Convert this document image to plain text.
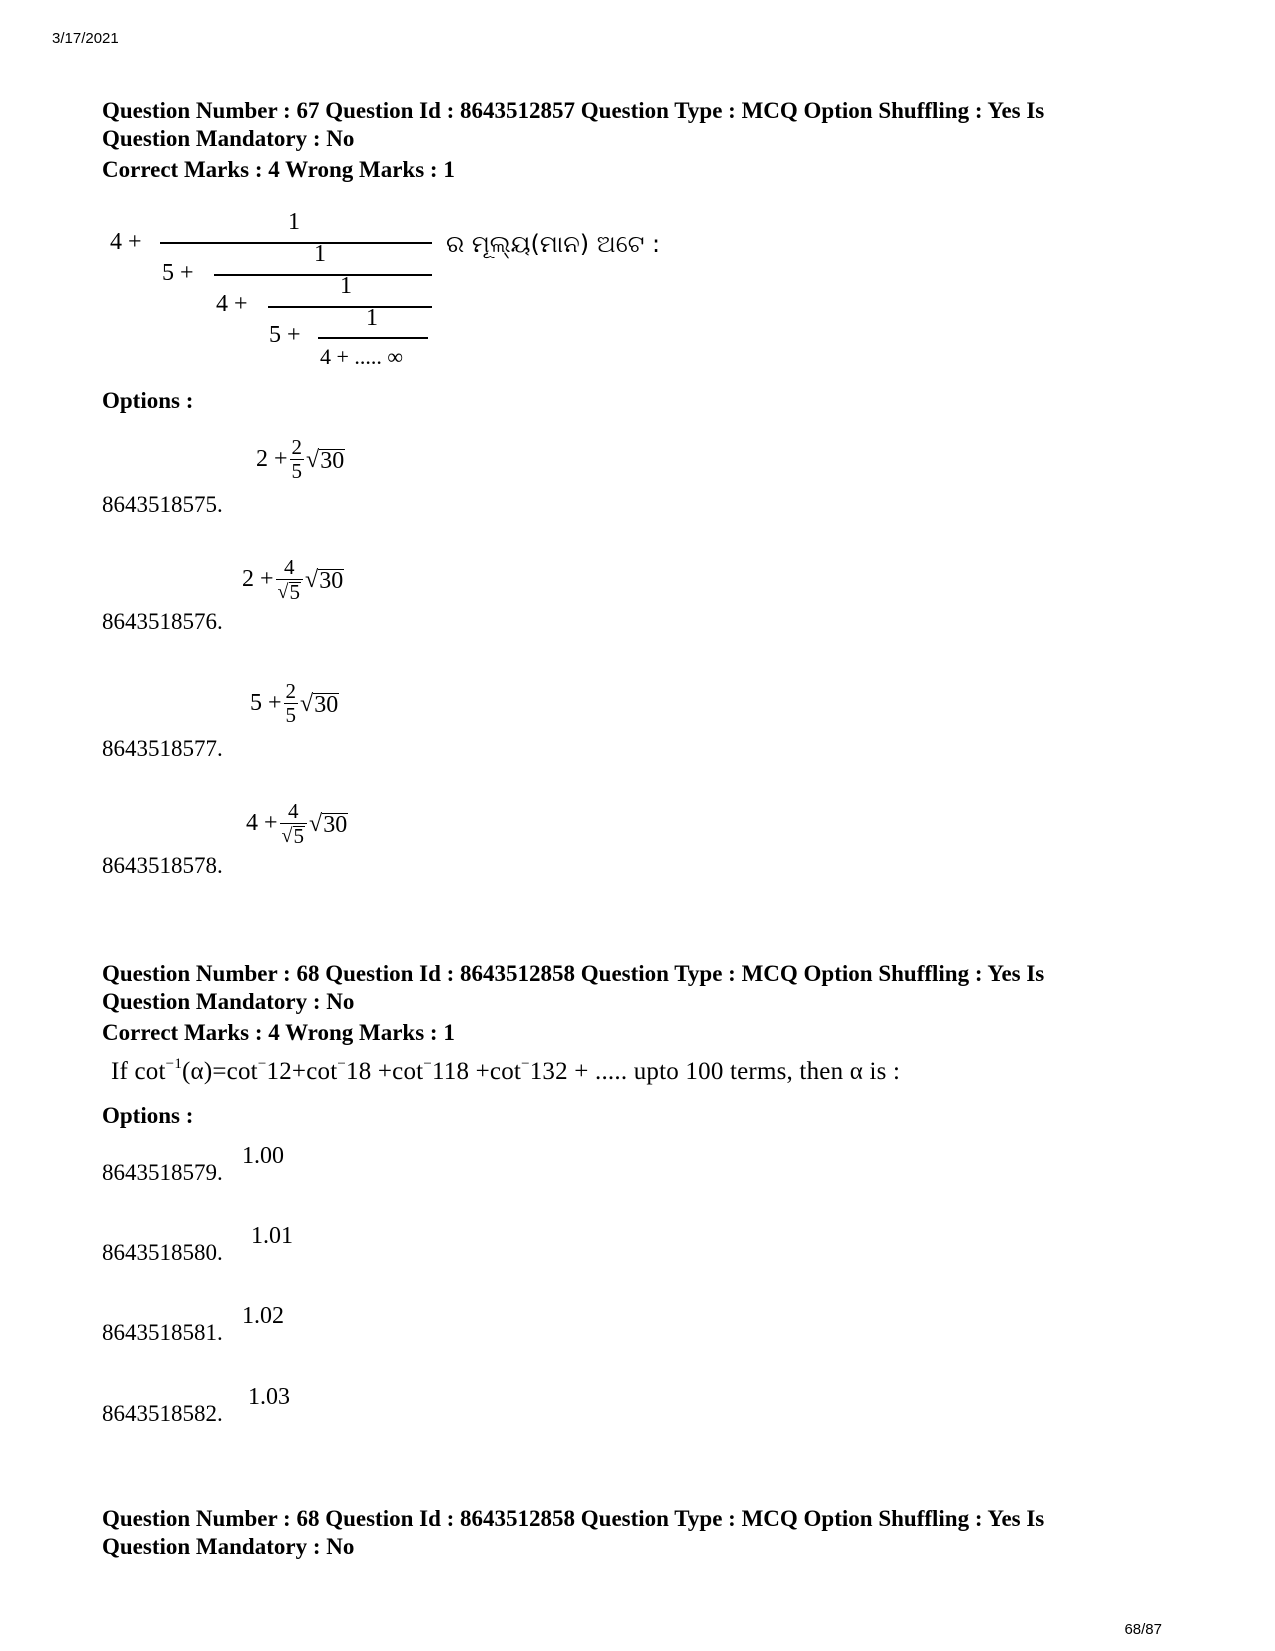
3/17/2021
68/87
Question Number : 67 Question Id : 8643512857 Question Type : MCQ Option Shuffling : Yes Is
Question Mandatory : No
Correct Marks : 4 Wrong Marks : 1
4 +
1
5 +
1
4 +
1
5 +
1
4 + ..... ∞
ର ମୂଲ୍ୟ(ମାନ) ଅଟେ :
Options :
8643518575.
$2 + \frac{2}{5}$ √ 30
8643518576.
$2 + \frac{4}{√ 5}$ √ 30
8643518577.
$5 + \frac{2}{5}$ √ 30
8643518578.
$4 + \frac{4}{√ 5}$ √ 30
Question Number : 68 Question Id : 8643512858 Question Type : MCQ Option Shuffling : Yes Is
Question Mandatory : No
Correct Marks : 4 Wrong Marks : 1
If $\cot^{-1}(\alpha)=\cot^-12+\cot^-18 +\cot^-118 +\cot^-132$ + ..... upto 100 terms, then α is :
Options :
8643518579.
1.00
8643518580.
1.01
8643518581.
1.02
8643518582.
1.03
Question Number : 68 Question Id : 8643512858 Question Type : MCQ Option Shuffling : Yes Is
Question Mandatory : No
